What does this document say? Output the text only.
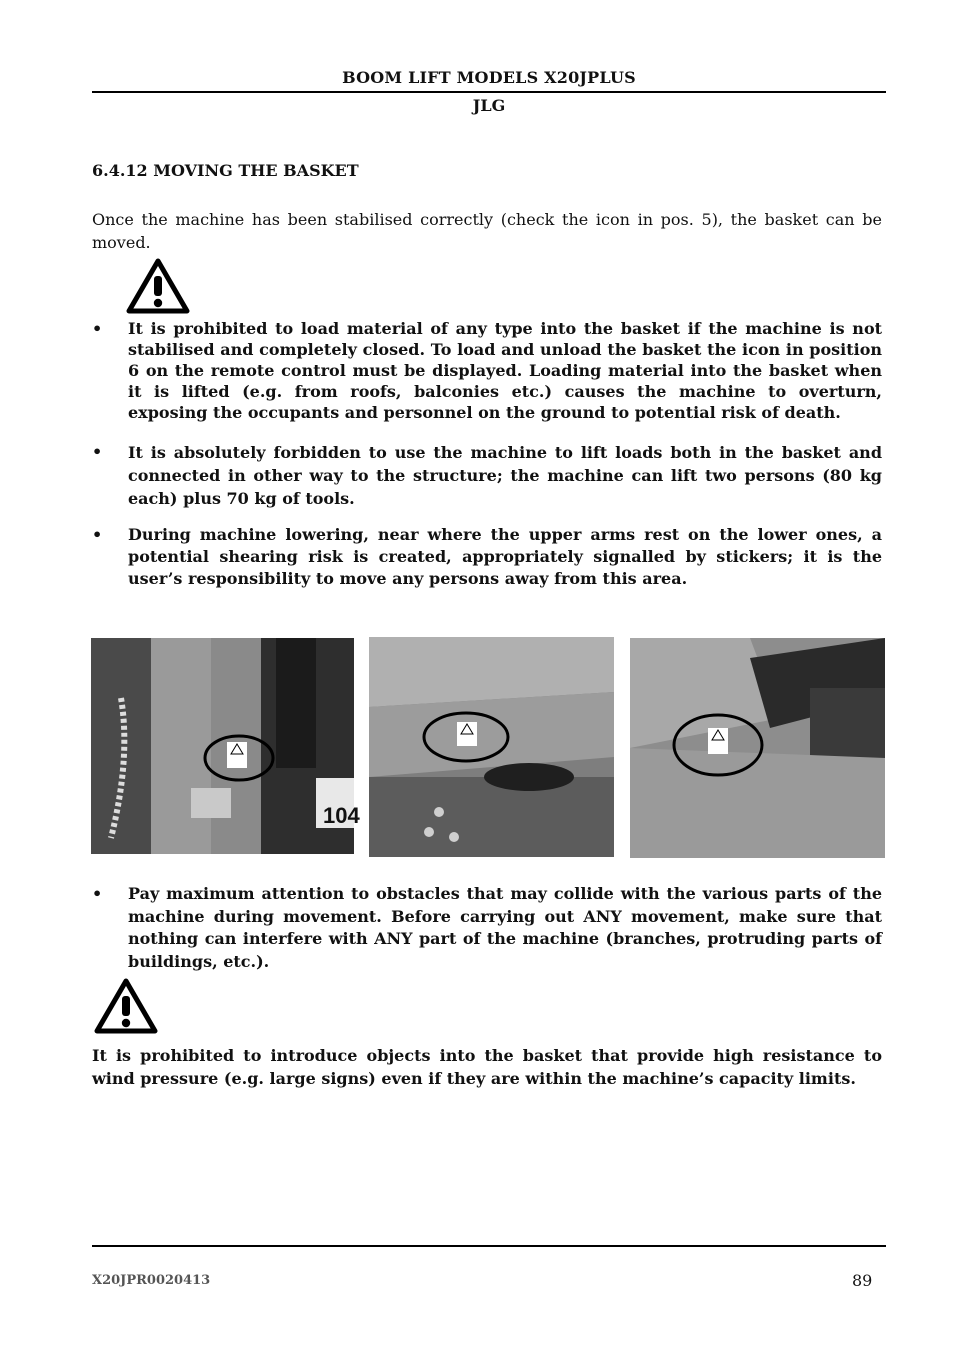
BOOM LIFT MODELS X20JPLUS
JLG
6.4.12 MOVING THE BASKET
Once the machine has been stabilised correctly (check the icon in pos. 5), the basket can be moved.
•	It is prohibited to load material of any type into the basket if the machine is not stabilised and completely closed. To load and unload the basket the icon in position 6 on the remote control must be displayed. Loading material into the basket when it is lifted (e.g. from roofs, balconies etc.) causes the machine to overturn, exposing the occupants and personnel on the ground to potential risk of death.
•	It is absolutely forbidden to use the machine to lift loads both in the basket and connected in other way to the structure; the machine can lift two persons (80 kg each) plus 70 kg of tools.
•	During machine lowering, near where the upper arms rest on the lower ones, a potential shearing risk is created, appropriately signalled by stickers; it is the user’s responsibility to move any persons away from this area.
104
•	Pay maximum attention to obstacles that may collide with the various parts of the machine during movement. Before carrying out ANY movement, make sure that nothing can interfere with ANY part of the machine (branches, protruding parts of buildings, etc.).
It is prohibited to introduce objects into the basket that provide high resistance to wind pressure (e.g. large signs) even if they are within the machine’s capacity limits.
X20JPR0020413	89
